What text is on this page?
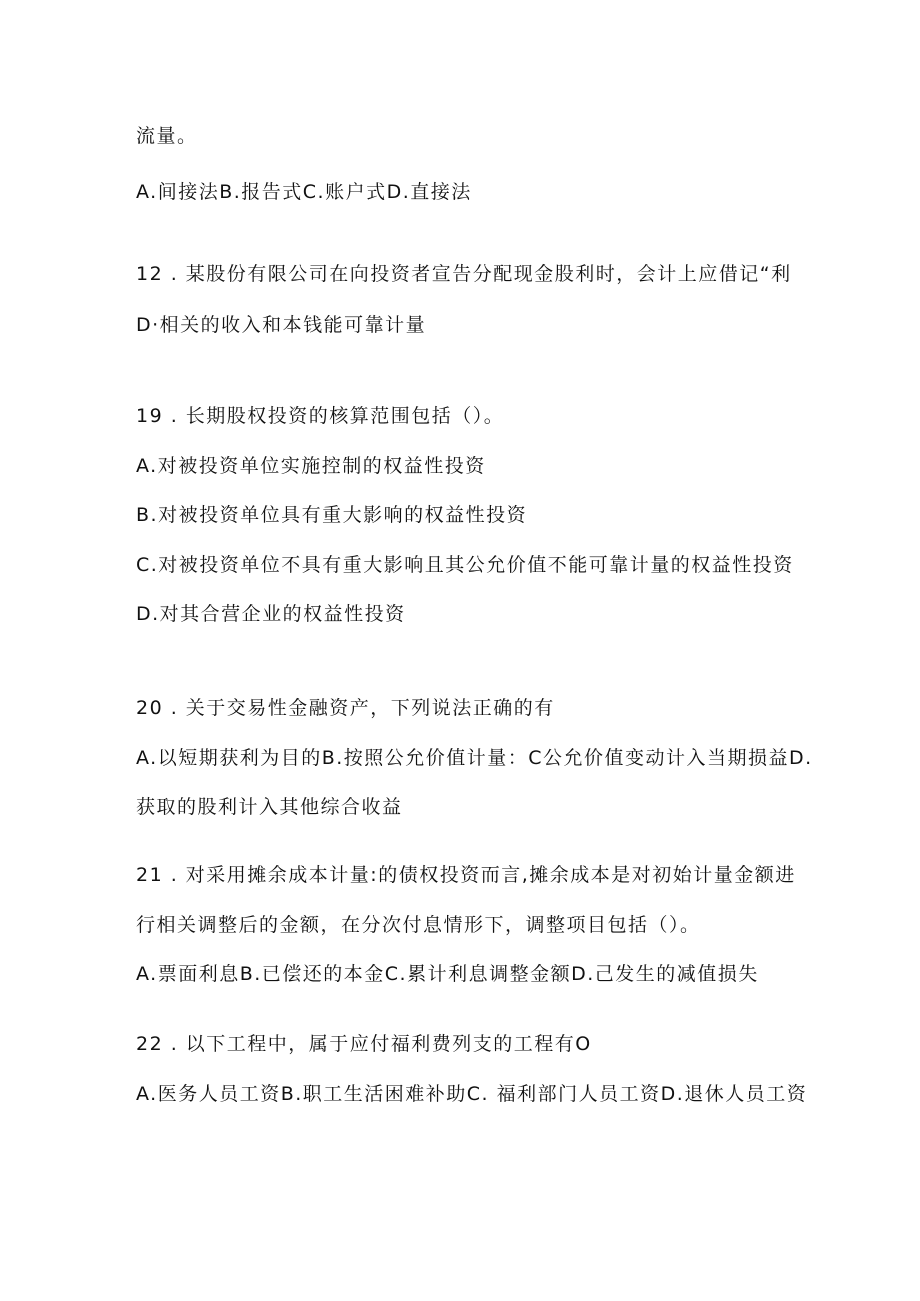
流量。
A.间接法B.报告式C.账户式D.直接法
12 . 某股份有限公司在向投资者宣告分配现金股利时，会计上应借记“利
D·相关的收入和本钱能可靠计量
19 . 长期股权投资的核算范围包括（）。
A.对被投资单位实施控制的权益性投资
B.对被投资单位具有重大影响的权益性投资
C.对被投资单位不具有重大影响且其公允价值不能可靠计量的权益性投资
D.对其合营企业的权益性投资
20 . 关于交易性金融资产，下列说法正确的有
A.以短期获利为目的B.按照公允价值计量：C公允价值变动计入当期损益D.
获取的股利计入其他综合收益
21 . 对采用摊余成本计量:的债权投资而言,摊余成本是对初始计量金额进
行相关调整后的金额，在分次付息情形下，调整项目包括（）。
A.票面利息B.已偿还的本金C.累计利息调整金额D.己发生的减值损失
22 . 以下工程中，属于应付福利费列支的工程有O
A.医务人员工资B.职工生活困难补助C. 福利部门人员工资D.退休人员工资
